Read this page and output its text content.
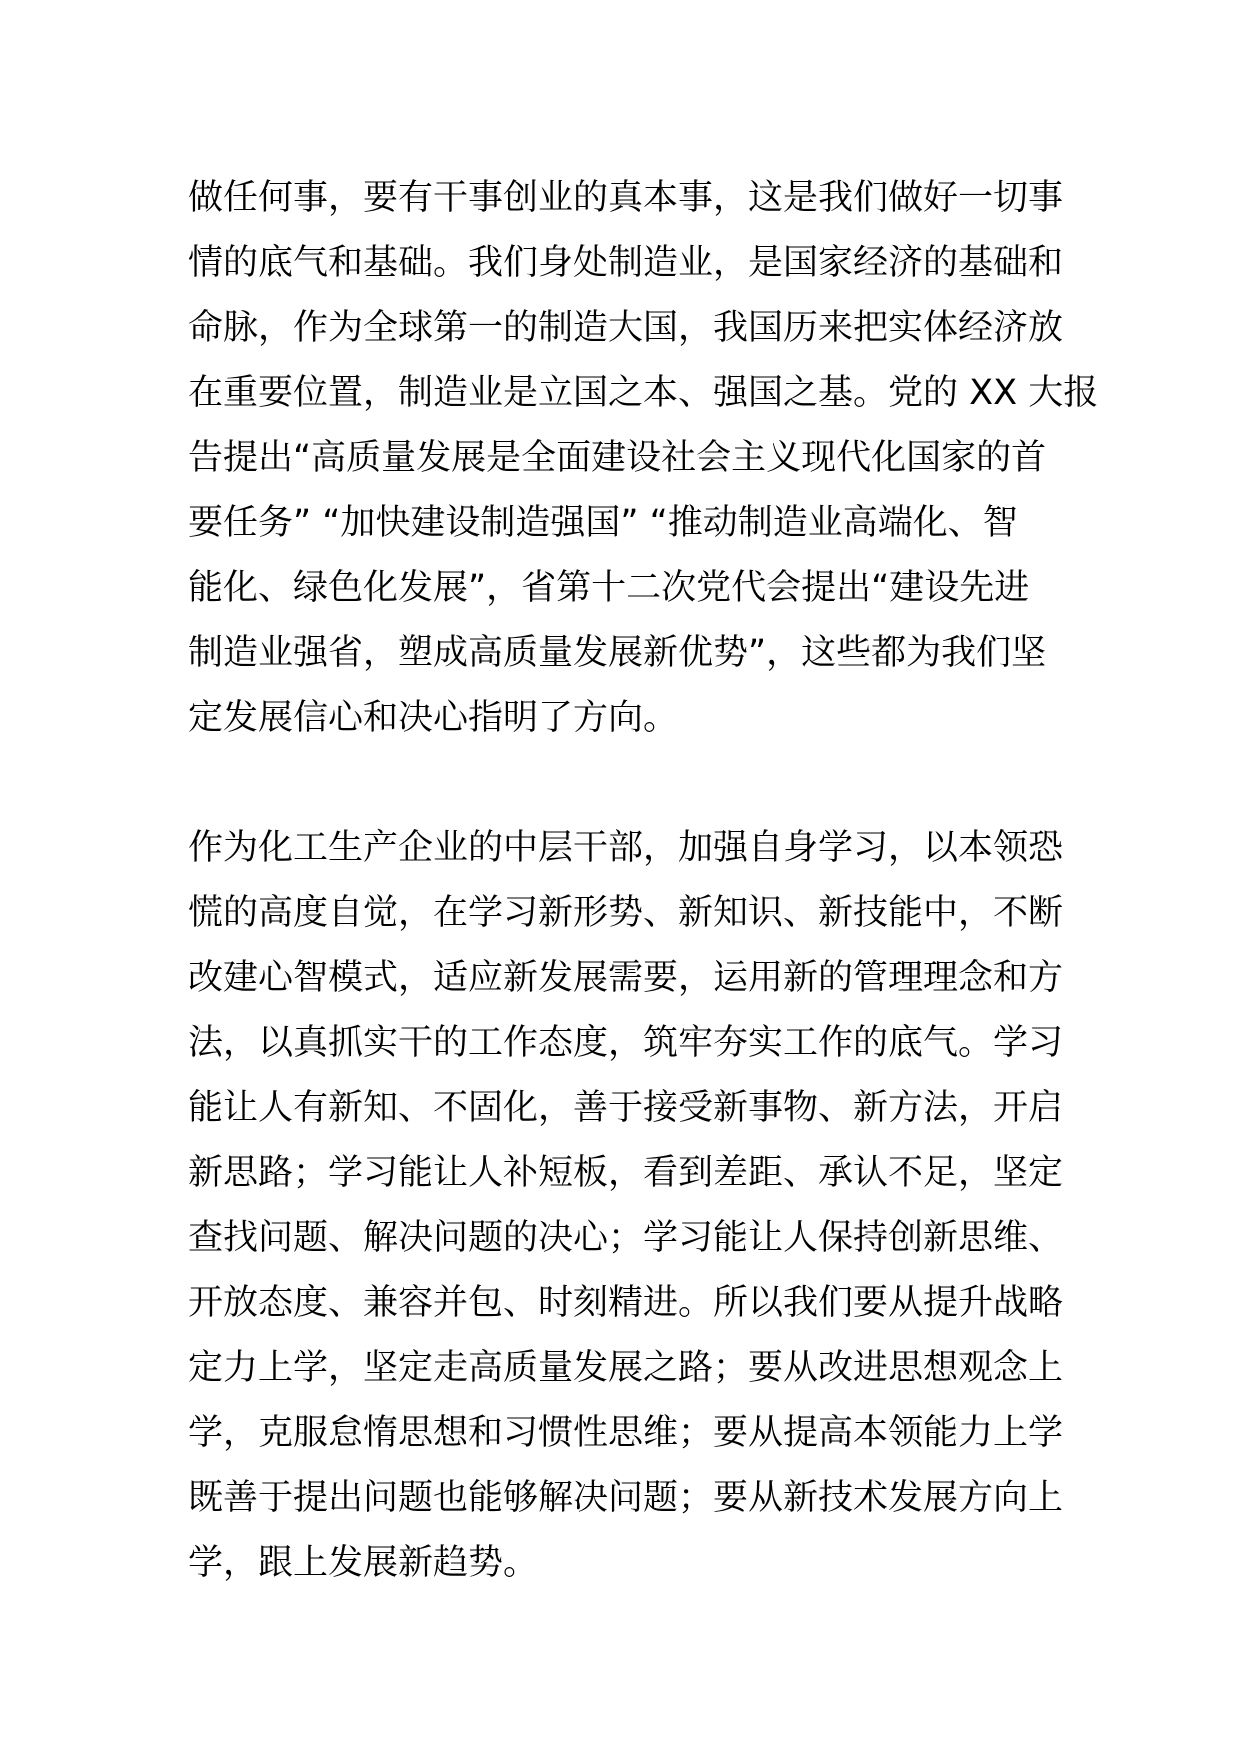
做任何事，要有干事创业的真本事，这是我们做好一切事
情的底气和基础。我们身处制造业，是国家经济的基础和
命脉，作为全球第一的制造大国，我国历来把实体经济放
在重要位置，制造业是立国之本、强国之基。党的 XX 大报
告提出“高质量发展是全面建设社会主义现代化国家的首
要任务” “加快建设制造强国” “推动制造业高端化、智
能化、绿色化发展”，省第十二次党代会提出“建设先进
制造业强省，塑成高质量发展新优势”，这些都为我们坚
定发展信心和决心指明了方向。

作为化工生产企业的中层干部，加强自身学习，以本领恐
慌的高度自觉，在学习新形势、新知识、新技能中，不断
改建心智模式，适应新发展需要，运用新的管理理念和方
法，以真抓实干的工作态度，筑牢夯实工作的底气。学习
能让人有新知、不固化，善于接受新事物、新方法，开启
新思路；学习能让人补短板，看到差距、承认不足，坚定
查找问题、解决问题的决心；学习能让人保持创新思维、
开放态度、兼容并包、时刻精进。所以我们要从提升战略
定力上学，坚定走高质量发展之路；要从改进思想观念上
学，克服怠惰思想和习惯性思维；要从提高本领能力上学
既善于提出问题也能够解决问题；要从新技术发展方向上
学，跟上发展新趋势。
